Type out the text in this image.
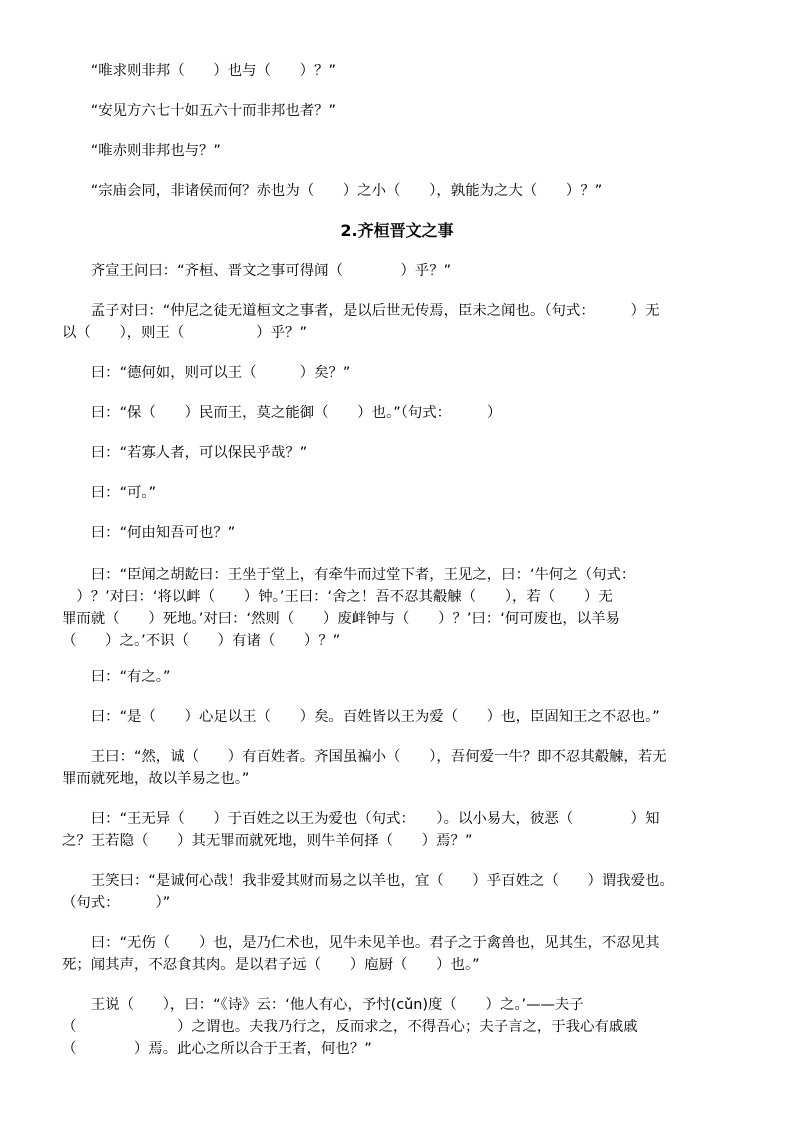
　　“唯求则非邦（　　）也与（　　）？”
　　“安见方六七十如五六十而非邦也者？”
　　“唯赤则非邦也与？”
　　“宗庙会同，非诸侯而何？赤也为（　　）之小（　　），孰能为之大（　　）？”
2.齐桓晋文之事
　　齐宣王问曰：“齐桓、晋文之事可得闻（　　　　）乎？”
　　孟子对曰：“仲尼之徒无道桓文之事者，是以后世无传焉，臣未之闻也。（句式：　　　）无
以（　　），则王（　　　　　）乎？”
　　曰：“德何如，则可以王（　　　）矣？”
　　曰：“保（　　）民而王，莫之能御（　　）也。”（句式：　　　）
　　曰：“若寡人者，可以保民乎哉？”
　　曰：“可。”
　　曰：“何由知吾可也？”
　　曰：“臣闻之胡龁曰：王坐于堂上，有牵牛而过堂下者，王见之，曰：‘牛何之（句式：
　）？’对曰：‘将以衅（　　）钟。’王曰：‘舍之！吾不忍其觳觫（　　），若（　　）无
罪而就（　　）死地。’对曰：‘然则（　　）废衅钟与（　　）？’曰：‘何可废也，以羊易
（　　）之。’不识（　　）有诸（　　）？”
　　曰：“有之。”
　　曰：“是（　　）心足以王（　　）矣。百姓皆以王为爱（　　）也，臣固知王之不忍也。”
　　王曰：“然，诚（　　）有百姓者。齐国虽褊小（　　），吾何爱一牛？即不忍其觳觫，若无
罪而就死地，故以羊易之也。”
　　曰：“王无异（　　）于百姓之以王为爱也（句式：　　）。以小易大，彼恶（　　　　）知
之？王若隐（　　）其无罪而就死地，则牛羊何择（　　）焉？”
　　王笑曰：“是诚何心哉！我非爱其财而易之以羊也，宜（　　）乎百姓之（　　）谓我爱也。
（句式：　　　）”
　　曰：“无伤（　　）也，是乃仁术也，见牛未见羊也。君子之于禽兽也，见其生，不忍见其
死；闻其声，不忍食其肉。是以君子远（　　）庖厨（　　）也。”
　　王说（　　），曰：“《诗》云：‘他人有心，予忖(cǔn)度（　　）之。’——夫子
（　　　　　　　）之谓也。夫我乃行之，反而求之，不得吾心；夫子言之，于我心有戚戚
（　　　　）焉。此心之所以合于王者，何也？”
